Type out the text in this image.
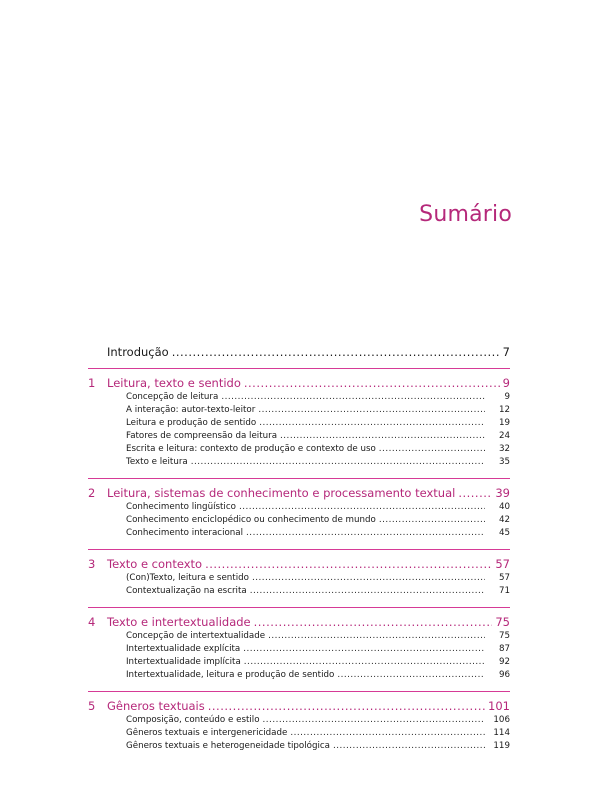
Sumário
Introdução .....	7
1	Leitura, texto e sentido .....	9
Concepção de leitura .....	9
A interação: autor-texto-leitor .....	12
Leitura e produção de sentido .....	19
Fatores de compreensão da leitura .....	24
Escrita e leitura: contexto de produção e contexto de uso .....	32
Texto e leitura .....	35
2	Leitura, sistemas de conhecimento e processamento textual .....	39
Conhecimento lingüístico .....	40
Conhecimento enciclopédico ou conhecimento de mundo .....	42
Conhecimento interacional .....	45
3	Texto e contexto .....	57
(Con)Texto, leitura e sentido .....	57
Contextualização na escrita .....	71
4	Texto e intertextualidade .....	75
Concepção de intertextualidade .....	75
Intertextualidade explícita .....	87
Intertextualidade implícita .....	92
Intertextualidade, leitura e produção de sentido .....	96
5	Gêneros textuais .....	101
Composição, conteúdo e estilo .....	106
Gêneros textuais e intergenericidade .....	114
Gêneros textuais e heterogeneidade tipológica .....	119
